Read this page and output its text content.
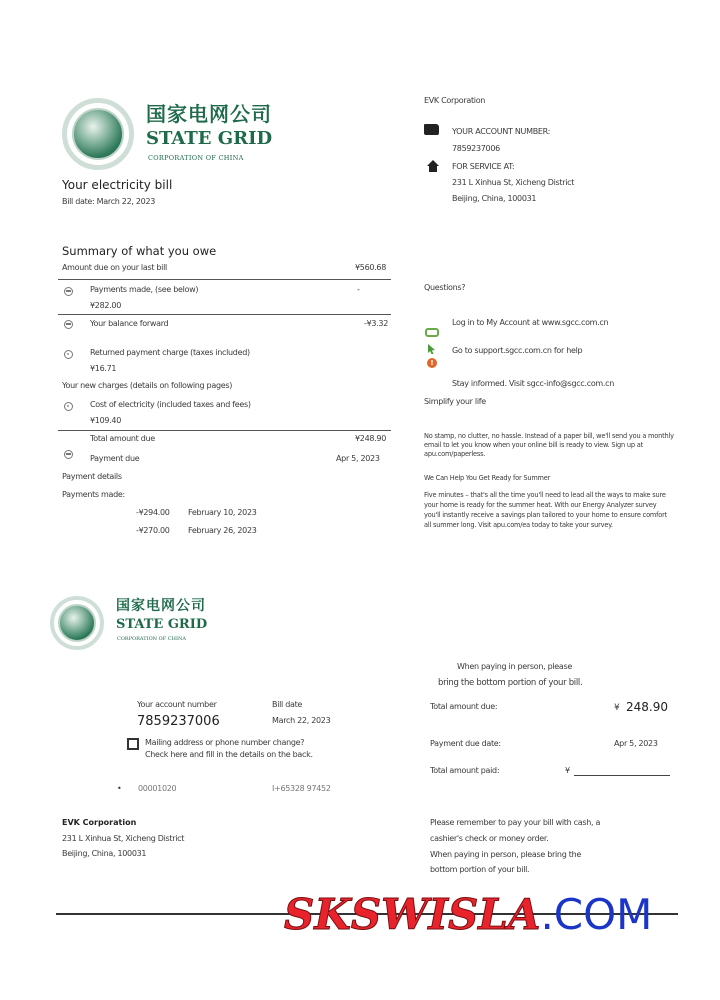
国家电网公司
STATE GRID
CORPORATION OF CHINA
Your electricity bill
Bill date: March 22, 2023
EVK Corporation
YOUR ACCOUNT NUMBER:
7859237006
FOR SERVICE AT:
231 L Xinhua St, Xicheng District
Beijing, China, 100031
Summary of what you owe
Amount due on your last bill	¥560.68
Payments made, (see below)
¥282.00
-
Your balance forward	-¥3.32
Returned payment charge (taxes included)
¥16.71
Your new charges (details on following pages)
Cost of electricity (included taxes and fees)
¥109.40
Total amount due	¥248.90
Payment due	Apr 5, 2023
Payment details
Payments made:
-¥294.00 February 10, 2023
-¥270.00 February 26, 2023
Questions?
Log in to My Account at www.sgcc.com.cn
Go to support.sgcc.com.cn for help
!
Stay informed. Visit sgcc-info@sgcc.com.cn
Simplify your life
No stamp, no clutter, no hassle. Instead of a paper bill, we'll send you a monthly email to let you know when your online bill is ready to view. Sign up at apu.com/paperless.
We Can Help You Get Ready for Summer
Five minutes – that's all the time you'll need to lead all the ways to make sure your home is ready for the summer heat. With our Energy Analyzer survey you'll instantly receive a savings plan tailored to your home to ensure comfort all summer long. Visit apu.com/ea today to take your survey.
国家电网公司
STATE GRID
CORPORATION OF CHINA
Your account number
7859237006
Bill date
March 22, 2023
Mailing address or phone number change?
Check here and fill in the details on the back.
• 00001020	I+65328 97452
EVK Corporation
231 L Xinhua St, Xicheng District
Beijing, China, 100031
When paying in person, please
bring the bottom portion of your bill.
Total amount due:	¥ 248.90
Payment due date:	Apr 5, 2023
Total amount paid:	¥
Please remember to pay your bill with cash, a
cashier's check or money order.
When paying in person, please bring the
bottom portion of your bill.
SKSWISLA.COM
